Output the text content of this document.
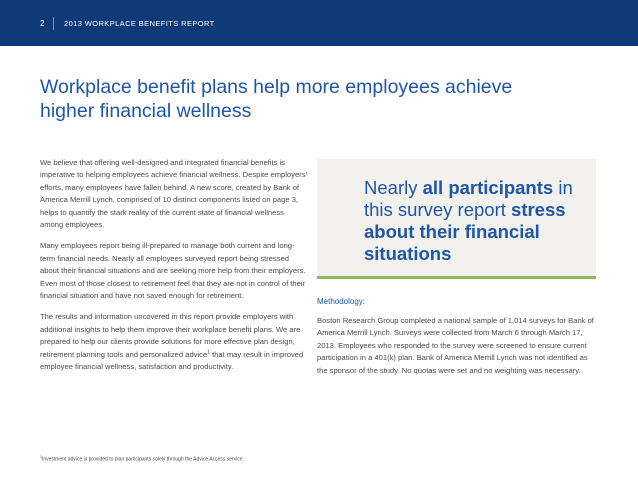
2	2013 WORKPLACE BENEFITS REPORT
Workplace benefit plans help more employees achieve
higher financial wellness

We believe that offering well-designed and integrated financial benefits is imperative to helping employees achieve financial wellness. Despite employers’ efforts, many employees have fallen behind. A new score, created by Bank of America Merrill Lynch, comprised of 10 distinct components listed on page 3, helps to quantify the stark reality of the current state of financial wellness among employees.

Many employees report being ill-prepared to manage both current and long-term financial needs. Nearly all employees surveyed report being stressed about their financial situations and are seeking more help from their employers. Even most of those closest to retirement feel that they are not in control of their financial situation and have not saved enough for retirement.

The results and information uncovered in this report provide employers with additional insights to help them improve their workplace benefit plans. We are prepared to help our clients provide solutions for more effective plan design, retirement planning tools and personalized advice$^1$ that may result in improved employee financial wellness, satisfaction and productivity.

Nearly all participants in this survey report stress about their financial situations

Methodology:
Boston Research Group completed a national sample of 1,014 surveys for Bank of America Merrill Lynch. Surveys were collected from March 6 through March 17, 2013. Employees who responded to the survey were screened to ensure current participation in a 401(k) plan. Bank of America Merrill Lynch was not identified as the sponsor of the study. No quotas were set and no weighting was necessary.
$^1$Investment advice is provided to plan participants solely through the Advice Access service.
